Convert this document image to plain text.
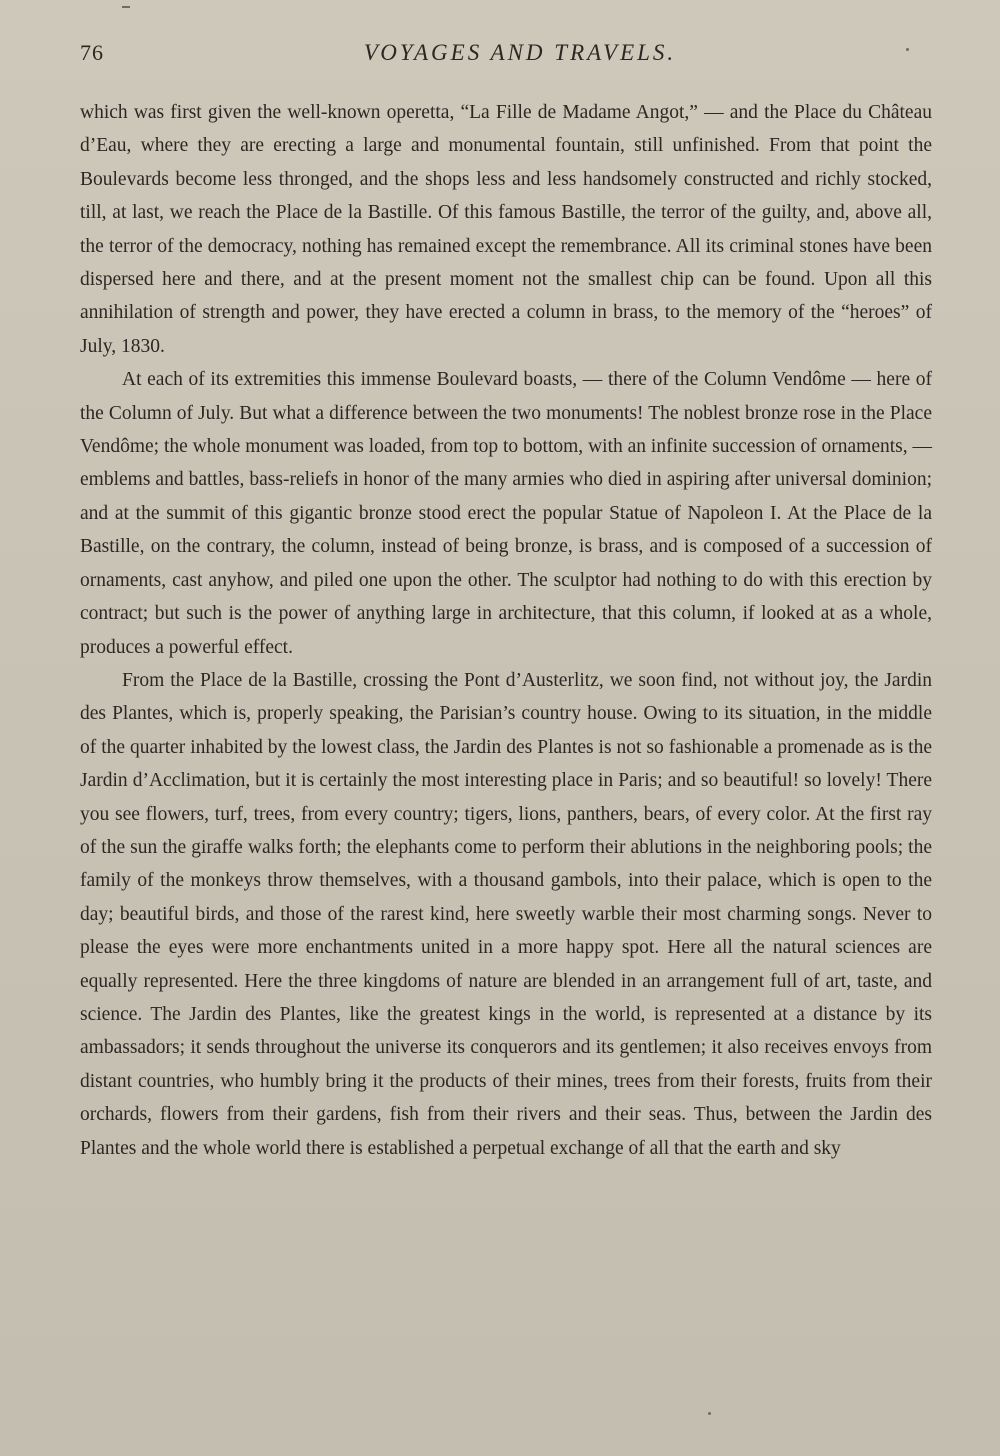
76	VOYAGES AND TRAVELS.

which was first given the well-known operetta, “La Fille de Madame Angot,” — and the Place du Château d’Eau, where they are erecting a large and monumental fountain, still unfinished. From that point the Boulevards become less thronged, and the shops less and less handsomely constructed and richly stocked, till, at last, we reach the Place de la Bastille. Of this famous Bastille, the terror of the guilty, and, above all, the terror of the democracy, nothing has remained except the remembrance. All its criminal stones have been dispersed here and there, and at the present moment not the smallest chip can be found. Upon all this annihilation of strength and power, they have erected a column in brass, to the memory of the “heroes” of July, 1830.

At each of its extremities this immense Boulevard boasts, — there of the Column Vendôme — here of the Column of July. But what a difference between the two monuments! The noblest bronze rose in the Place Vendôme; the whole monument was loaded, from top to bottom, with an infinite succession of ornaments, — emblems and battles, bass-reliefs in honor of the many armies who died in aspiring after universal dominion; and at the summit of this gigantic bronze stood erect the popular Statue of Napoleon I. At the Place de la Bastille, on the contrary, the column, instead of being bronze, is brass, and is composed of a succession of ornaments, cast anyhow, and piled one upon the other. The sculptor had nothing to do with this erection by contract; but such is the power of anything large in architecture, that this column, if looked at as a whole, produces a powerful effect.

From the Place de la Bastille, crossing the Pont d’Austerlitz, we soon find, not without joy, the Jardin des Plantes, which is, properly speaking, the Parisian’s country house. Owing to its situation, in the middle of the quarter inhabited by the lowest class, the Jardin des Plantes is not so fashionable a promenade as is the Jardin d’Acclimation, but it is certainly the most interesting place in Paris; and so beautiful! so lovely! There you see flowers, turf, trees, from every country; tigers, lions, panthers, bears, of every color. At the first ray of the sun the giraffe walks forth; the elephants come to perform their ablutions in the neighboring pools; the family of the monkeys throw themselves, with a thousand gambols, into their palace, which is open to the day; beautiful birds, and those of the rarest kind, here sweetly warble their most charming songs. Never to please the eyes were more enchantments united in a more happy spot. Here all the natural sciences are equally represented. Here the three kingdoms of nature are blended in an arrangement full of art, taste, and science. The Jardin des Plantes, like the greatest kings in the world, is represented at a distance by its ambassadors; it sends throughout the universe its conquerors and its gentlemen; it also receives envoys from distant countries, who humbly bring it the products of their mines, trees from their forests, fruits from their orchards, flowers from their gardens, fish from their rivers and their seas. Thus, between the Jardin des Plantes and the whole world there is established a perpetual exchange of all that the earth and sky
